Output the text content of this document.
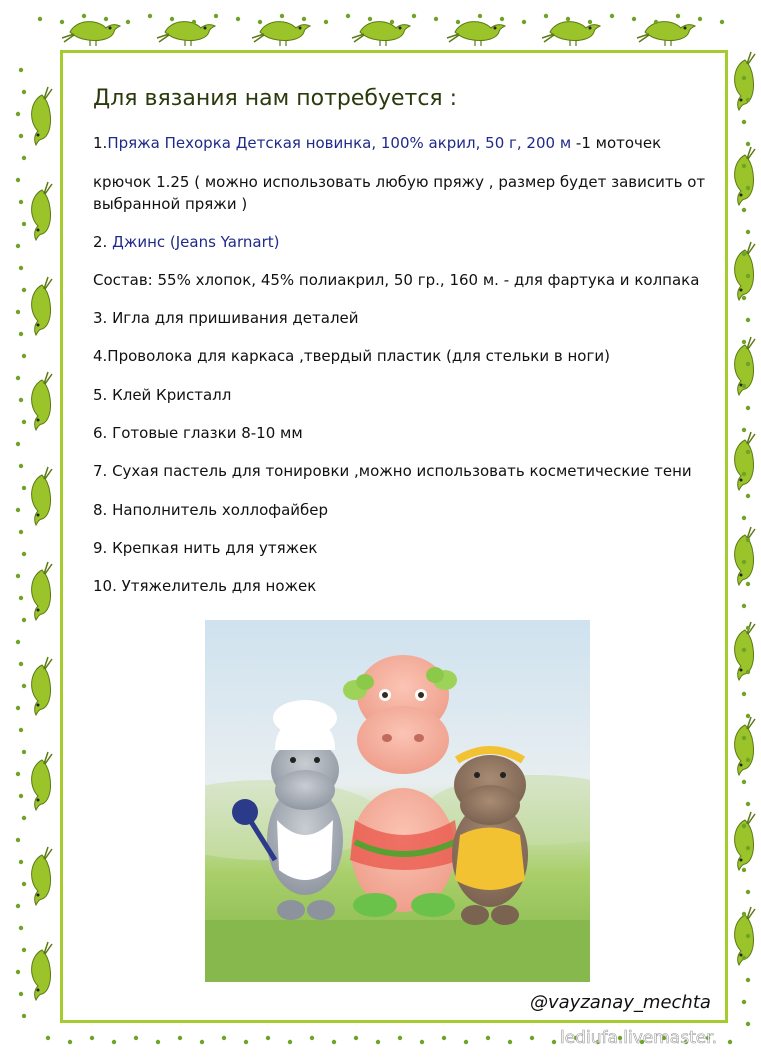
Для вязания нам потребуется :
1.Пряжа Пехорка Детская новинка, 100% акрил, 50 г, 200 м -1 моточек
крючок 1.25 ( можно использовать любую пряжу , размер будет зависить от
выбранной пряжи )
2. Джинс (Jeans Yarnart)
Состав: 55% хлопок, 45% полиакрил, 50 гр., 160 м. - для фартука и колпака
3. Игла для пришивания деталей
4.Проволока для каркаса ,твердый пластик (для стельки в ноги)
5. Клей Кристалл
6. Готовые глазки 8-10 мм
7. Сухая пастель для тонировки ,можно использовать косметические тени
8. Наполнитель холлофайбер
9. Крепкая нить для утяжек
10. Утяжелитель для ножек
@vayzanay_mechta
lediufa.livemaster.
